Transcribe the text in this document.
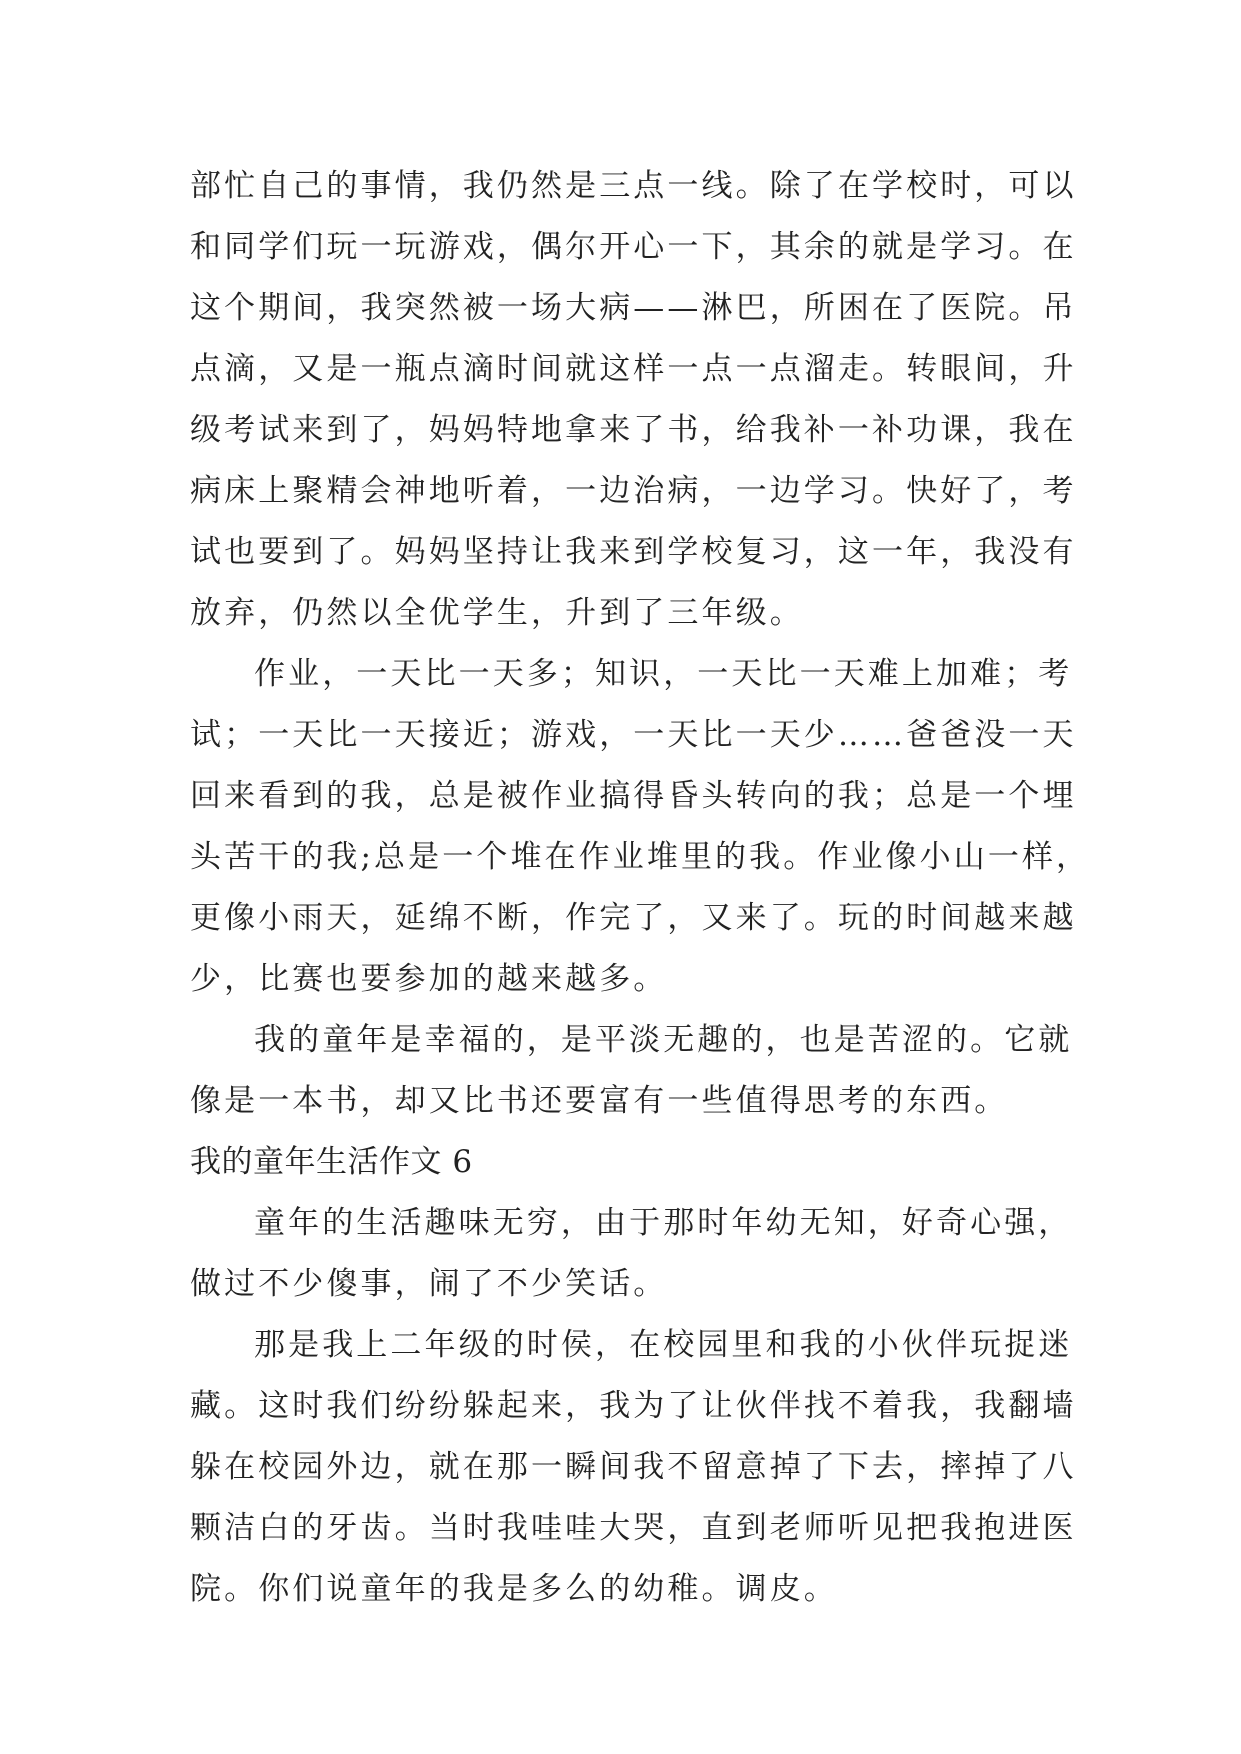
部忙自己的事情，我仍然是三点一线。除了在学校时，可以
和同学们玩一玩游戏，偶尔开心一下，其余的就是学习。在
这个期间，我突然被一场大病——淋巴，所困在了医院。吊
点滴，又是一瓶点滴时间就这样一点一点溜走。转眼间，升
级考试来到了，妈妈特地拿来了书，给我补一补功课，我在
病床上聚精会神地听着，一边治病，一边学习。快好了，考
试也要到了。妈妈坚持让我来到学校复习，这一年，我没有
放弃，仍然以全优学生，升到了三年级。
作业，一天比一天多；知识，一天比一天难上加难；考
试；一天比一天接近；游戏，一天比一天少……爸爸没一天
回来看到的我，总是被作业搞得昏头转向的我；总是一个埋
头苦干的我;总是一个堆在作业堆里的我。作业像小山一样，
更像小雨天，延绵不断，作完了，又来了。玩的时间越来越
少，比赛也要参加的越来越多。
我的童年是幸福的，是平淡无趣的，也是苦涩的。它就
像是一本书，却又比书还要富有一些值得思考的东西。
我的童年生活作文 6
童年的生活趣味无穷，由于那时年幼无知，好奇心强，
做过不少傻事，闹了不少笑话。
那是我上二年级的时侯，在校园里和我的小伙伴玩捉迷
藏。这时我们纷纷躲起来，我为了让伙伴找不着我，我翻墙
躲在校园外边，就在那一瞬间我不留意掉了下去，摔掉了八
颗洁白的牙齿。当时我哇哇大哭，直到老师听见把我抱进医
院。你们说童年的我是多么的幼稚。调皮。
